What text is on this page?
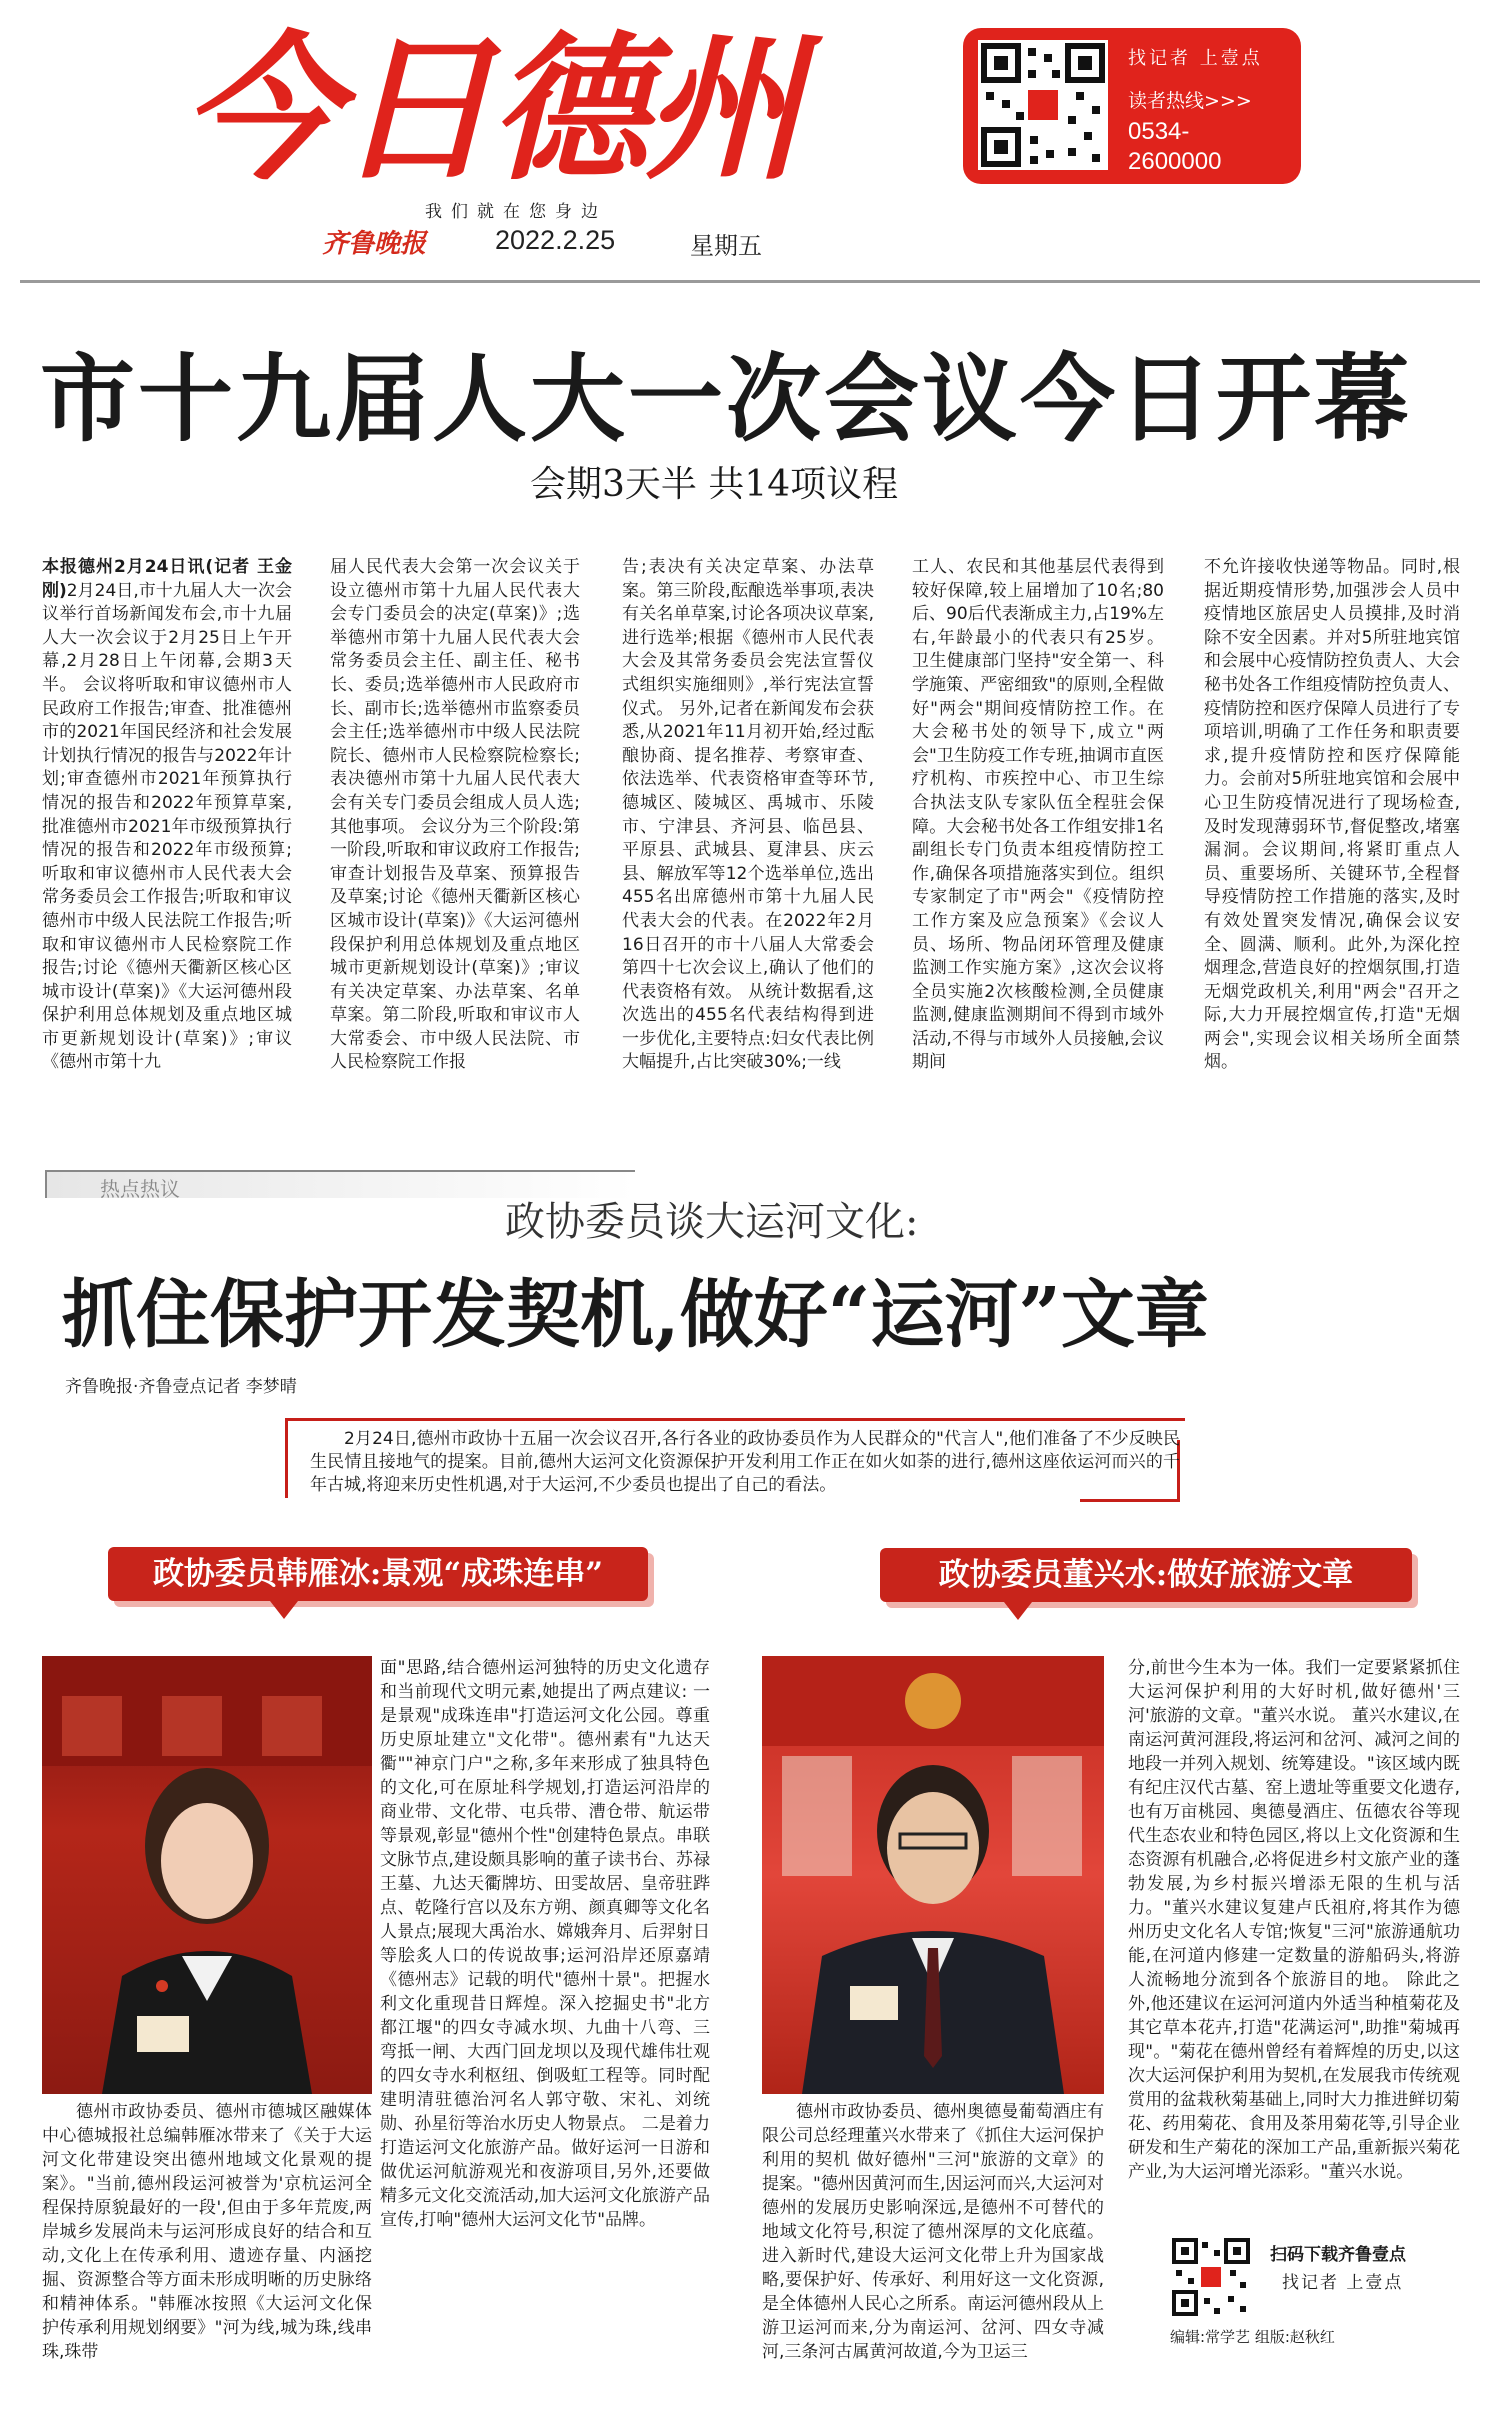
今日德州
我们就在您身边
齐鲁晚报	2022.2.25	星期五
找记者 上壹点
读者热线>>>
0534-
2600000
市十九届人大一次会议今日开幕
会期3天半 共14项议程
本报德州2月24日讯(记者 王金刚)2月24日,市十九届人大一次会议举行首场新闻发布会,市十九届人大一次会议于2月25日上午开幕,2月28日上午闭幕,会期3天半。 会议将听取和审议德州市人民政府工作报告;审查、批准德州市的2021年国民经济和社会发展计划执行情况的报告与2022年计划;审查德州市2021年预算执行情况的报告和2022年预算草案,批准德州市2021年市级预算执行情况的报告和2022年市级预算;听取和审议德州市人民代表大会常务委员会工作报告;听取和审议德州市中级人民法院工作报告;听取和审议德州市人民检察院工作报告;讨论《德州天衢新区核心区城市设计(草案)》《大运河德州段保护利用总体规划及重点地区城市更新规划设计(草案)》;审议《德州市第十九
届人民代表大会第一次会议关于设立德州市第十九届人民代表大会专门委员会的决定(草案)》;选举德州市第十九届人民代表大会常务委员会主任、副主任、秘书长、委员;选举德州市人民政府市长、副市长;选举德州市监察委员会主任;选举德州市中级人民法院院长、德州市人民检察院检察长;表决德州市第十九届人民代表大会有关专门委员会组成人员人选;其他事项。 会议分为三个阶段:第一阶段,听取和审议政府工作报告;审查计划报告及草案、预算报告及草案;讨论《德州天衢新区核心区城市设计(草案)》《大运河德州段保护利用总体规划及重点地区城市更新规划设计(草案)》;审议有关决定草案、办法草案、名单草案。第二阶段,听取和审议市人大常委会、市中级人民法院、市人民检察院工作报
告;表决有关决定草案、办法草案。第三阶段,酝酿选举事项,表决有关名单草案,讨论各项决议草案,进行选举;根据《德州市人民代表大会及其常务委员会宪法宣誓仪式组织实施细则》,举行宪法宣誓仪式。 另外,记者在新闻发布会获悉,从2021年11月初开始,经过酝酿协商、提名推荐、考察审查、依法选举、代表资格审查等环节,德城区、陵城区、禹城市、乐陵市、宁津县、齐河县、临邑县、平原县、武城县、夏津县、庆云县、解放军等12个选举单位,选出455名出席德州市第十九届人民代表大会的代表。在2022年2月16日召开的市十八届人大常委会第四十七次会议上,确认了他们的代表资格有效。 从统计数据看,这次选出的455名代表结构得到进一步优化,主要特点:妇女代表比例大幅提升,占比突破30%;一线
工人、农民和其他基层代表得到较好保障,较上届增加了10名;80后、90后代表渐成主力,占19%左右,年龄最小的代表只有25岁。 卫生健康部门坚持"安全第一、科学施策、严密细致"的原则,全程做好"两会"期间疫情防控工作。在大会秘书处的领导下,成立"两会"卫生防疫工作专班,抽调市直医疗机构、市疾控中心、市卫生综合执法支队专家队伍全程驻会保障。大会秘书处各工作组安排1名副组长专门负责本组疫情防控工作,确保各项措施落实到位。组织专家制定了市"两会"《疫情防控工作方案及应急预案》《会议人员、场所、物品闭环管理及健康监测工作实施方案》,这次会议将全员实施2次核酸检测,全员健康监测,健康监测期间不得到市域外活动,不得与市域外人员接触,会议期间
不允许接收快递等物品。同时,根据近期疫情形势,加强涉会人员中疫情地区旅居史人员摸排,及时消除不安全因素。并对5所驻地宾馆和会展中心疫情防控负责人、大会秘书处各工作组疫情防控负责人、疫情防控和医疗保障人员进行了专项培训,明确了工作任务和职责要求,提升疫情防控和医疗保障能力。会前对5所驻地宾馆和会展中心卫生防疫情况进行了现场检查,及时发现薄弱环节,督促整改,堵塞漏洞。会议期间,将紧盯重点人员、重要场所、关键环节,全程督导疫情防控工作措施的落实,及时有效处置突发情况,确保会议安全、圆满、顺利。此外,为深化控烟理念,营造良好的控烟氛围,打造无烟党政机关,利用"两会"召开之际,大力开展控烟宣传,打造"无烟两会",实现会议相关场所全面禁烟。
热点热议
政协委员谈大运河文化:
抓住保护开发契机,做好“运河”文章
齐鲁晚报·齐鲁壹点记者 李梦晴
2月24日,德州市政协十五届一次会议召开,各行各业的政协委员作为人民群众的"代言人",他们准备了不少反映民生民情且接地气的提案。目前,德州大运河文化资源保护开发利用工作正在如火如荼的进行,德州这座依运河而兴的千年古城,将迎来历史性机遇,对于大运河,不少委员也提出了自己的看法。
政协委员韩雁冰:景观“成珠连串”	政协委员董兴水:做好旅游文章
德州市政协委员、德州市德城区融媒体中心德城报社总编韩雁冰带来了《关于大运河文化带建设突出德州地域文化景观的提案》。"当前,德州段运河被誉为'京杭运河全程保持原貌最好的一段',但由于多年荒废,两岸城乡发展尚未与运河形成良好的结合和互动,文化上在传承利用、遗迹存量、内涵挖掘、资源整合等方面未形成明晰的历史脉络和精神体系。"韩雁冰按照《大运河文化保护传承利用规划纲要》"河为线,城为珠,线串珠,珠带
面"思路,结合德州运河独特的历史文化遗存和当前现代文明元素,她提出了两点建议: 一是景观"成珠连串"打造运河文化公园。尊重历史原址建立"文化带"。德州素有"九达天衢""神京门户"之称,多年来形成了独具特色的文化,可在原址科学规划,打造运河沿岸的商业带、文化带、屯兵带、漕仓带、航运带等景观,彰显"德州个性"创建特色景点。串联文脉节点,建设颇具影响的董子读书台、苏禄王墓、九达天衢牌坊、田雯故居、皇帝驻跸点、乾隆行宫以及东方朔、颜真卿等文化名人景点;展现大禹治水、嫦娥奔月、后羿射日等脍炙人口的传说故事;运河沿岸还原嘉靖《德州志》记载的明代"德州十景"。把握水利文化重现昔日辉煌。深入挖掘史书"北方都江堰"的四女寺减水坝、九曲十八弯、三弯抵一闸、大西门回龙坝以及现代雄伟壮观的四女寺水利枢纽、倒吸虹工程等。同时配建明清驻德治河名人郭守敬、宋礼、刘统勋、孙星衍等治水历史人物景点。 二是着力打造运河文化旅游产品。做好运河一日游和做优运河航游观光和夜游项目,另外,还要做精多元文化交流活动,加大运河文化旅游产品宣传,打响"德州大运河文化节"品牌。
德州市政协委员、德州奥德曼葡萄酒庄有限公司总经理董兴水带来了《抓住大运河保护利用的契机 做好德州"三河"旅游的文章》的提案。"德州因黄河而生,因运河而兴,大运河对德州的发展历史影响深远,是德州不可替代的地域文化符号,积淀了德州深厚的文化底蕴。进入新时代,建设大运河文化带上升为国家战略,要保护好、传承好、利用好这一文化资源,是全体德州人民心之所系。南运河德州段从上游卫运河而来,分为南运河、岔河、四女寺减河,三条河古属黄河故道,今为卫运三
分,前世今生本为一体。我们一定要紧紧抓住大运河保护利用的大好时机,做好德州'三河'旅游的文章。"董兴水说。 董兴水建议,在南运河黄河涯段,将运河和岔河、减河之间的地段一并列入规划、统筹建设。"该区域内既有纪庄汉代古墓、窑上遗址等重要文化遗存,也有万亩桃园、奥德曼酒庄、伍德农谷等现代生态农业和特色园区,将以上文化资源和生态资源有机融合,必将促进乡村文旅产业的蓬勃发展,为乡村振兴增添无限的生机与活力。"董兴水建议复建卢氏祖府,将其作为德州历史文化名人专馆;恢复"三河"旅游通航功能,在河道内修建一定数量的游船码头,将游人流畅地分流到各个旅游目的地。 除此之外,他还建议在运河河道内外适当种植菊花及其它草本花卉,打造"花满运河",助推"菊城再现"。"菊花在德州曾经有着辉煌的历史,以这次大运河保护利用为契机,在发展我市传统观赏用的盆栽秋菊基础上,同时大力推进鲜切菊花、药用菊花、食用及茶用菊花等,引导企业研发和生产菊花的深加工产品,重新振兴菊花产业,为大运河增光添彩。"董兴水说。
扫码下载齐鲁壹点
找记者 上壹点
编辑:常学艺 组版:赵秋红
